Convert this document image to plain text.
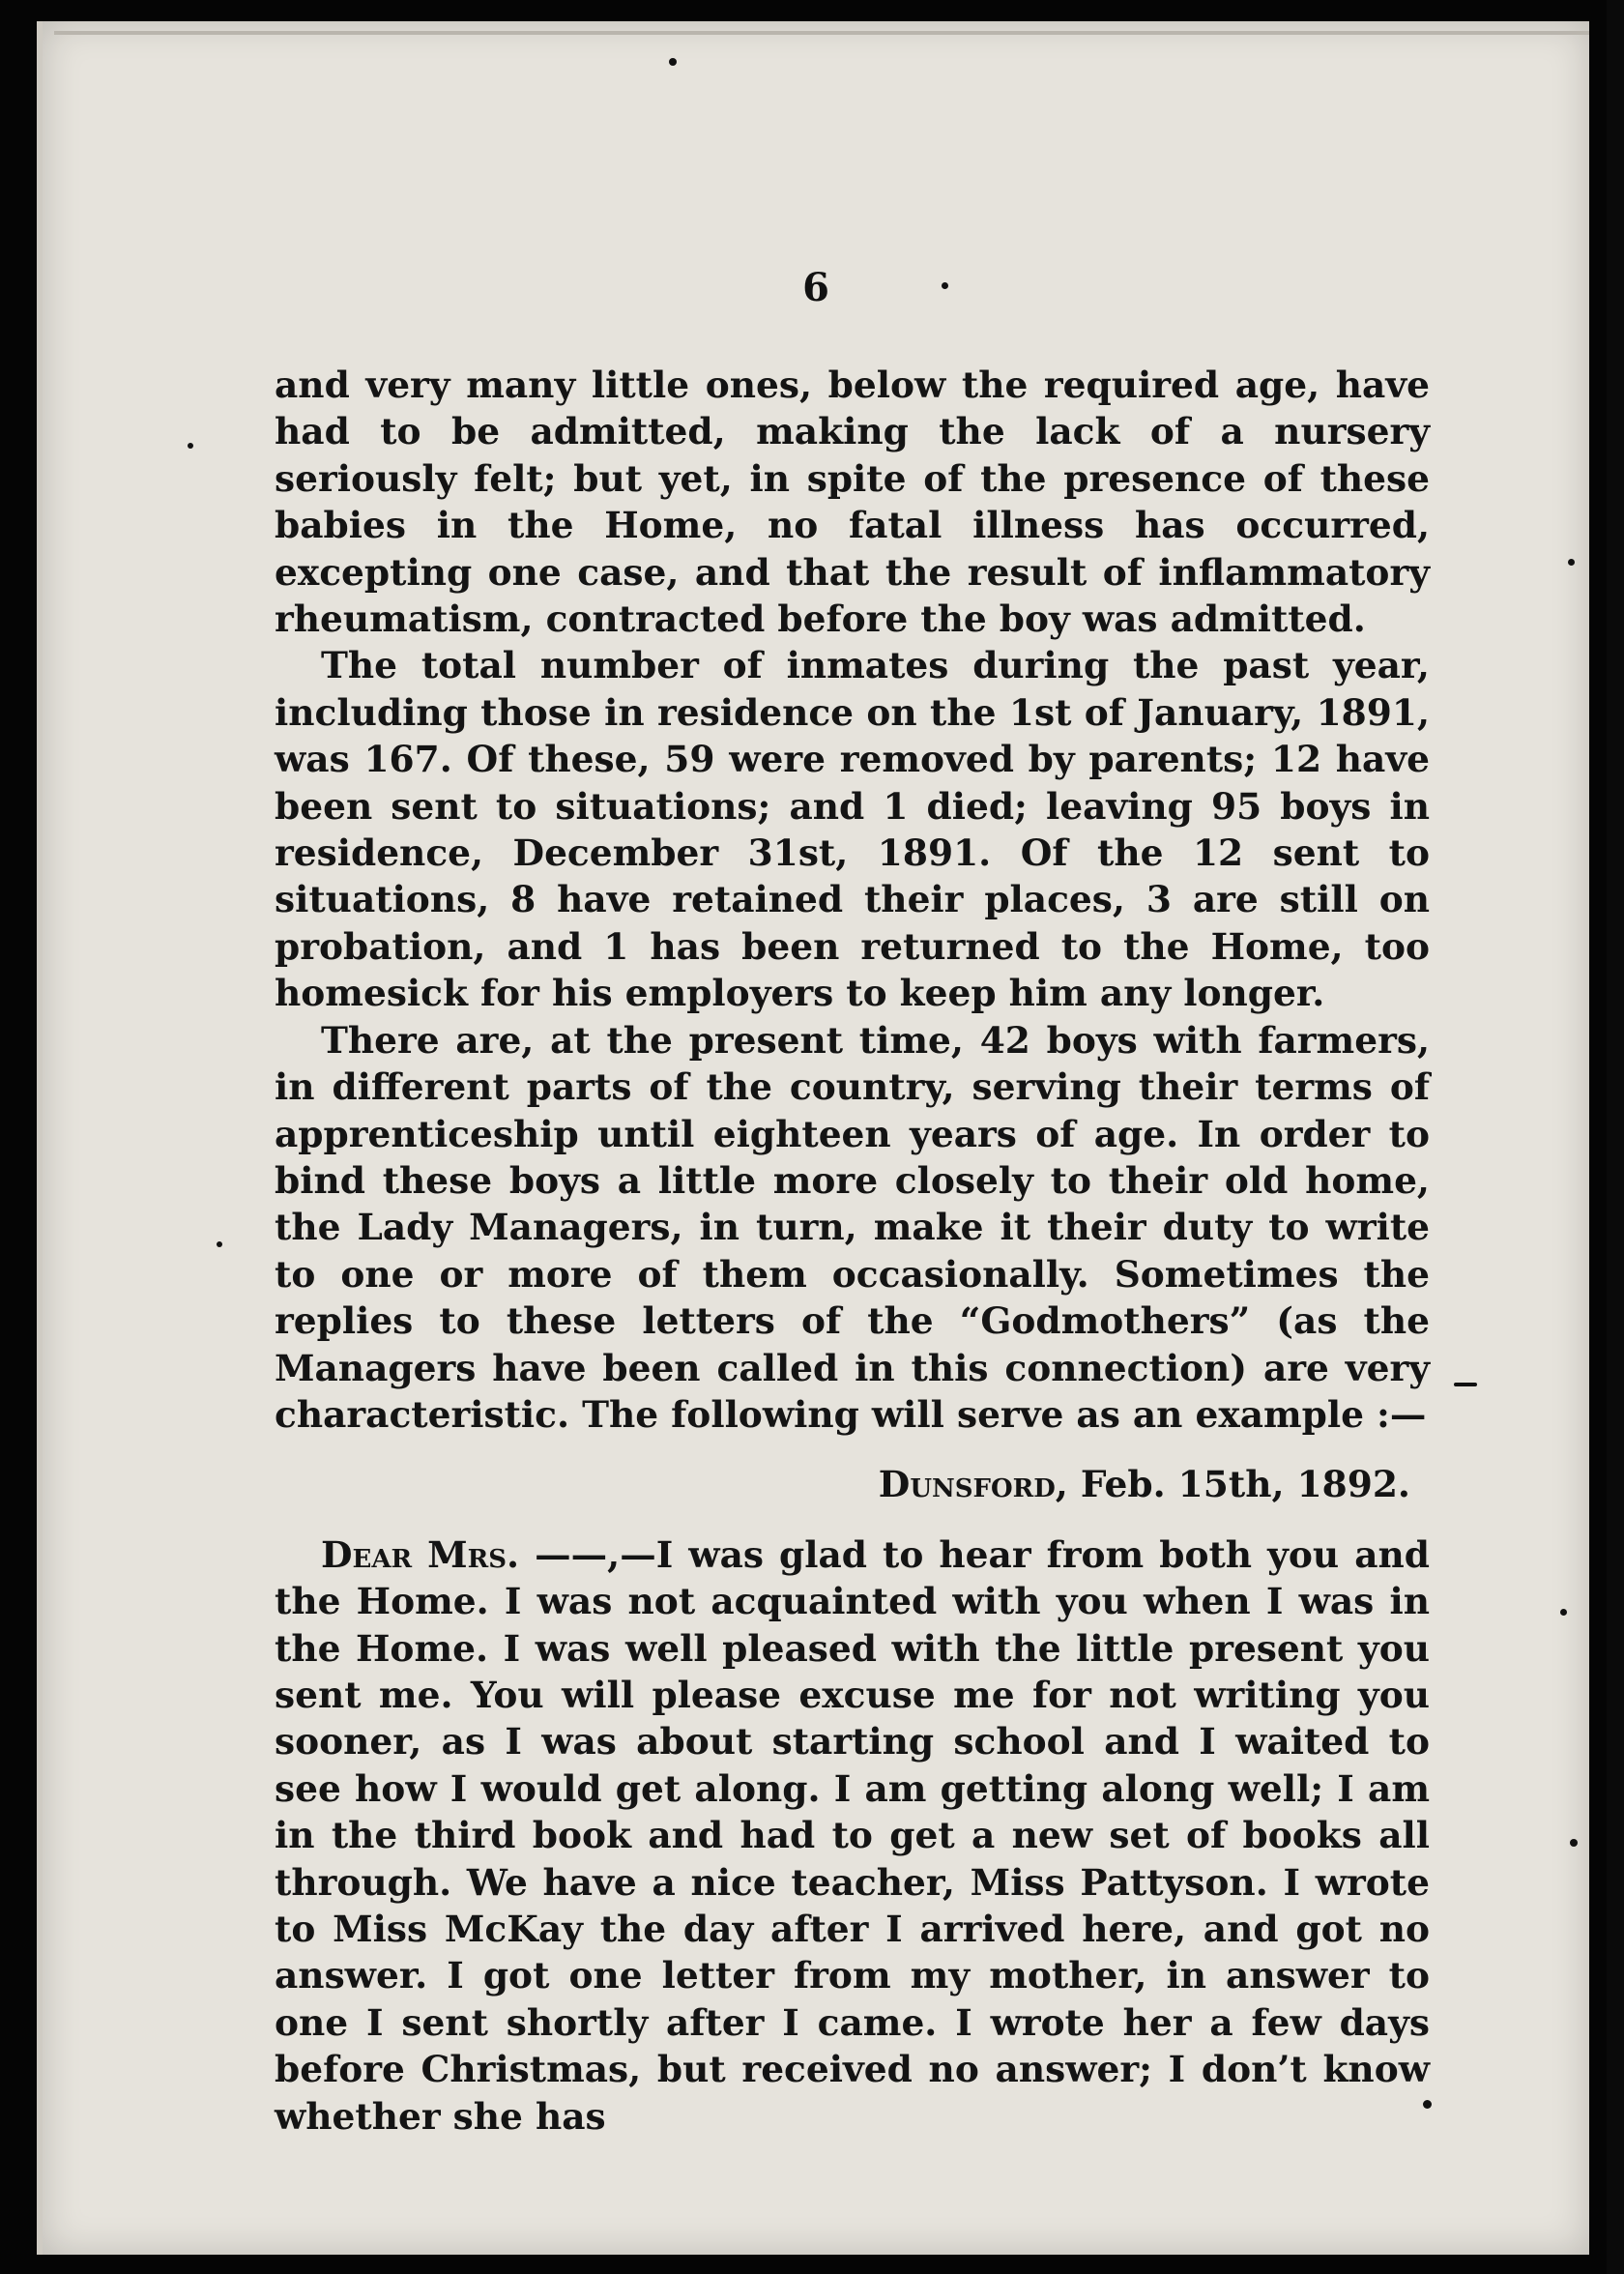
6

and very many little ones, below the required age, have had to be admitted, making the lack of a nursery seriously felt; but yet, in spite of the presence of these babies in the Home, no fatal illness has occurred, excepting one case, and that the result of inflammatory rheumatism, contracted before the boy was admitted.

The total number of inmates during the past year, including those in residence on the 1st of January, 1891, was 167. Of these, 59 were removed by parents; 12 have been sent to situations; and 1 died; leaving 95 boys in residence, December 31st, 1891. Of the 12 sent to situations, 8 have retained their places, 3 are still on probation, and 1 has been returned to the Home, too homesick for his employers to keep him any longer.

There are, at the present time, 42 boys with farmers, in different parts of the country, serving their terms of apprenticeship until eighteen years of age. In order to bind these boys a little more closely to their old home, the Lady Managers, in turn, make it their duty to write to one or more of them occasionally. Sometimes the replies to these letters of the “Godmothers” (as the Managers have been called in this connection) are very characteristic. The following will serve as an example :—

Dunsford, Feb. 15th, 1892.

Dear Mrs. ——,—I was glad to hear from both you and the Home. I was not acquainted with you when I was in the Home. I was well pleased with the little present you sent me. You will please excuse me for not writing you sooner, as I was about starting school and I waited to see how I would get along. I am getting along well; I am in the third book and had to get a new set of books all through. We have a nice teacher, Miss Pattyson. I wrote to Miss McKay the day after I arrived here, and got no answer. I got one letter from my mother, in answer to one I sent shortly after I came. I wrote her a few days before Christmas, but received no answer; I don’t know whether she has
